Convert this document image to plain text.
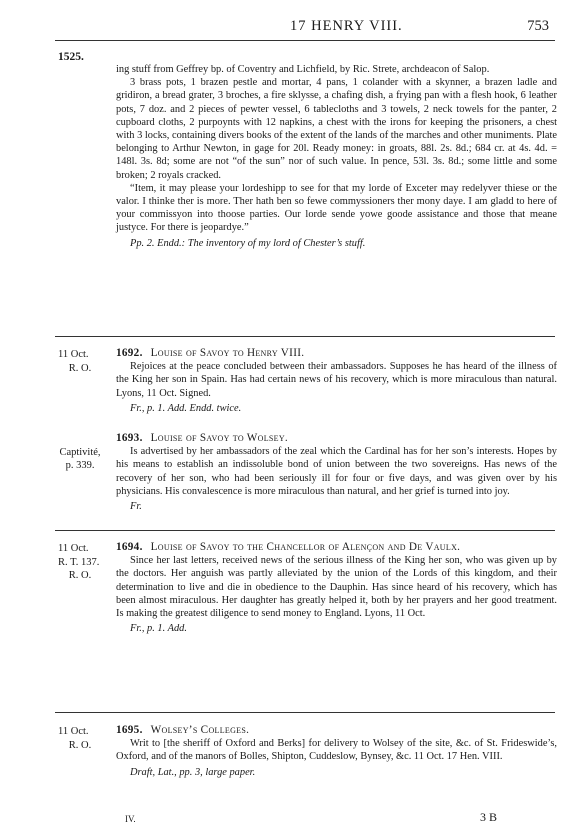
17 HENRY VIII.	753
1525.

ing stuff from Geffrey bp. of Coventry and Lichfield, by Ric. Strete, archdeacon of Salop.

3 brass pots, 1 brazen pestle and mortar, 4 pans, 1 colander with a skynner, a brazen ladle and gridiron, a bread grater, 3 broches, a fire sklysse, a chafing dish, a frying pan with a flesh hook, 6 leather pots, 7 doz. and 2 pieces of pewter vessel, 6 tablecloths and 3 towels, 2 neck towels for the panter, 2 cupboard cloths, 2 purpoynts with 12 napkins, a chest with the irons for keeping the prisoners, a chest with 3 locks, containing divers books of the extent of the lands of the marches and other muniments. Plate belonging to Arthur Newton, in gage for 20l. Ready money: in groats, 88l. 2s. 8d.; 684 cr. at 4s. 4d. = 148l. 3s. 8d; some are not “of the sun” nor of such value. In pence, 53l. 3s. 8d.; some little and some broken; 2 royals cracked.

“Item, it may please your lordeshipp to see for that my lorde of Exceter may redelyver thiese or the valor. I thinke ther is more. Ther hath ben so fewe commyssioners ther mony daye. I am gladd to here of your commissyon into thoose parties. Our lorde sende yowe goode assistance and those that meane justyce. For there is jeopardye.”

Pp. 2. Endd.: The inventory of my lord of Chester’s stuff.
11 Oct.
R. O.
1692. Louise of Savoy to Henry VIII.
Rejoices at the peace concluded between their ambassadors. Supposes he has heard of the illness of the King her son in Spain. Has had certain news of his recovery, which is more miraculous than natural. Lyons, 11 Oct. Signed.
Fr., p. 1. Add. Endd. twice.
Captivité, p. 339.
1693. Louise of Savoy to Wolsey.
Is advertised by her ambassadors of the zeal which the Cardinal has for her son’s interests. Hopes by his means to establish an indissoluble bond of union between the two sovereigns. Has news of the recovery of her son, who had been seriously ill for four or five days, and was given over by his physicians. His convalescence is more miraculous than natural, and her grief is turned into joy.
Fr.
11 Oct.
R. T. 137.
R. O.
1694. Louise of Savoy to the Chancellor of Alençon and De Vaulx.
Since her last letters, received news of the serious illness of the King her son, who was given up by the doctors. Her anguish was partly alleviated by the union of the Lords of this kingdom, and their determination to live and die in obedience to the Dauphin. Has since heard of his recovery, which has been almost miraculous. Her daughter has greatly helped it, both by her prayers and her good treatment. Is making the greatest diligence to send money to England. Lyons, 11 Oct.
Fr., p. 1. Add.
11 Oct.
R. O.
1695. Wolsey’s Colleges.
Writ to [the sheriff of Oxford and Berks] for delivery to Wolsey of the site, &c. of St. Frideswide’s, Oxford, and of the manors of Bolles, Shipton, Cuddeslow, Bynsey, &c. 11 Oct. 17 Hen. VIII.
Draft, Lat., pp. 3, large paper.
IV.	3 B
